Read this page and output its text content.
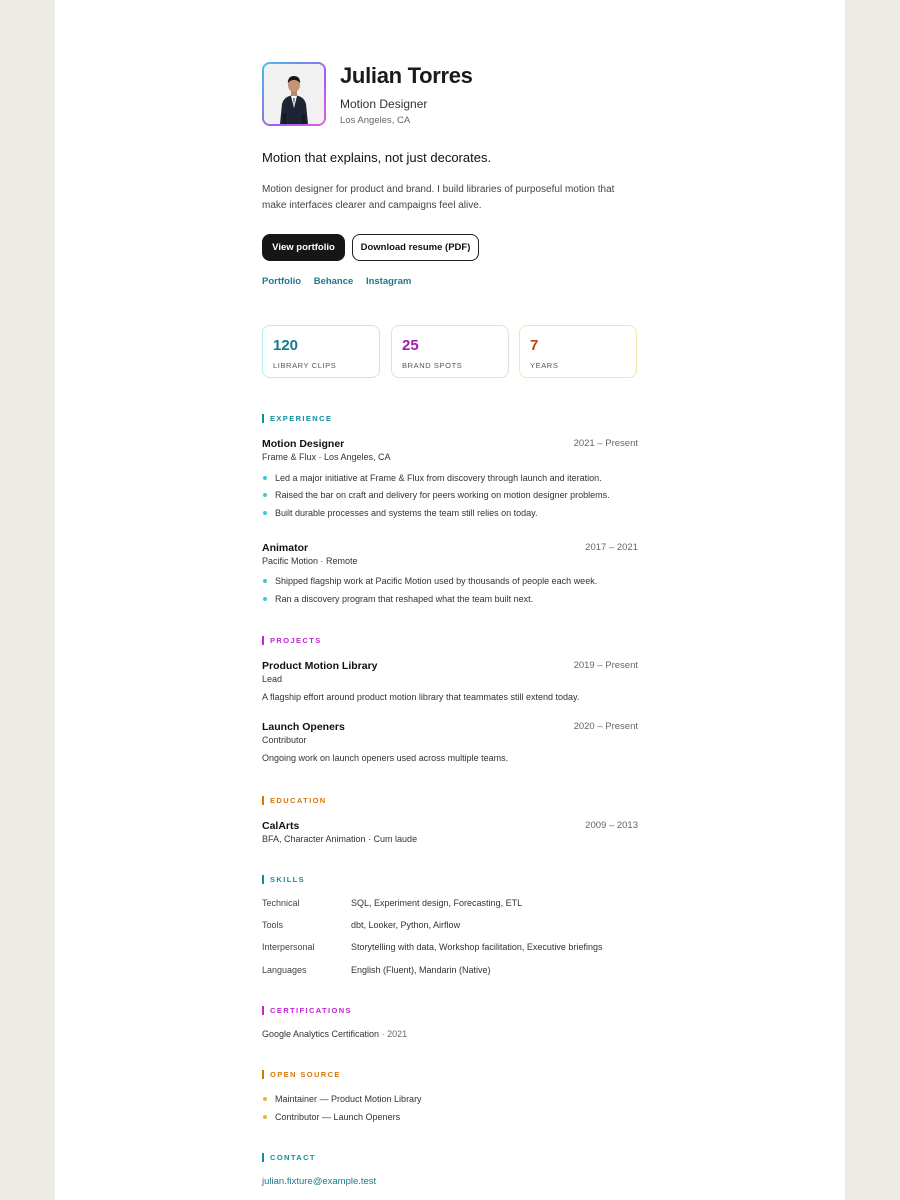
Julian Torres
Motion Designer
Los Angeles, CA
Motion that explains, not just decorates.
Motion designer for product and brand. I build libraries of purposeful motion that make interfaces clearer and campaigns feel alive.
View portfolio	Download resume (PDF)
Portfolio Behance Instagram
120
LIBRARY CLIPS
25
BRAND SPOTS
7
YEARS
EXPERIENCE
Motion Designer	2021 – Present
Frame & Flux · Los Angeles, CA
Led a major initiative at Frame & Flux from discovery through launch and iteration.
Raised the bar on craft and delivery for peers working on motion designer problems.
Built durable processes and systems the team still relies on today.
Animator	2017 – 2021
Pacific Motion · Remote
Shipped flagship work at Pacific Motion used by thousands of people each week.
Ran a discovery program that reshaped what the team built next.
PROJECTS
Product Motion Library	2019 – Present
Lead
A flagship effort around product motion library that teammates still extend today.
Launch Openers	2020 – Present
Contributor
Ongoing work on launch openers used across multiple teams.
EDUCATION
CalArts	2009 – 2013
BFA, Character Animation · Cum laude
SKILLS
Technical	SQL, Experiment design, Forecasting, ETL
Tools	dbt, Looker, Python, Airflow
Interpersonal	Storytelling with data, Workshop facilitation, Executive briefings
Languages	English (Fluent), Mandarin (Native)
CERTIFICATIONS
Google Analytics Certification · 2021
OPEN SOURCE
Maintainer — Product Motion Library
Contributor — Launch Openers
CONTACT
julian.fixture@example.test
